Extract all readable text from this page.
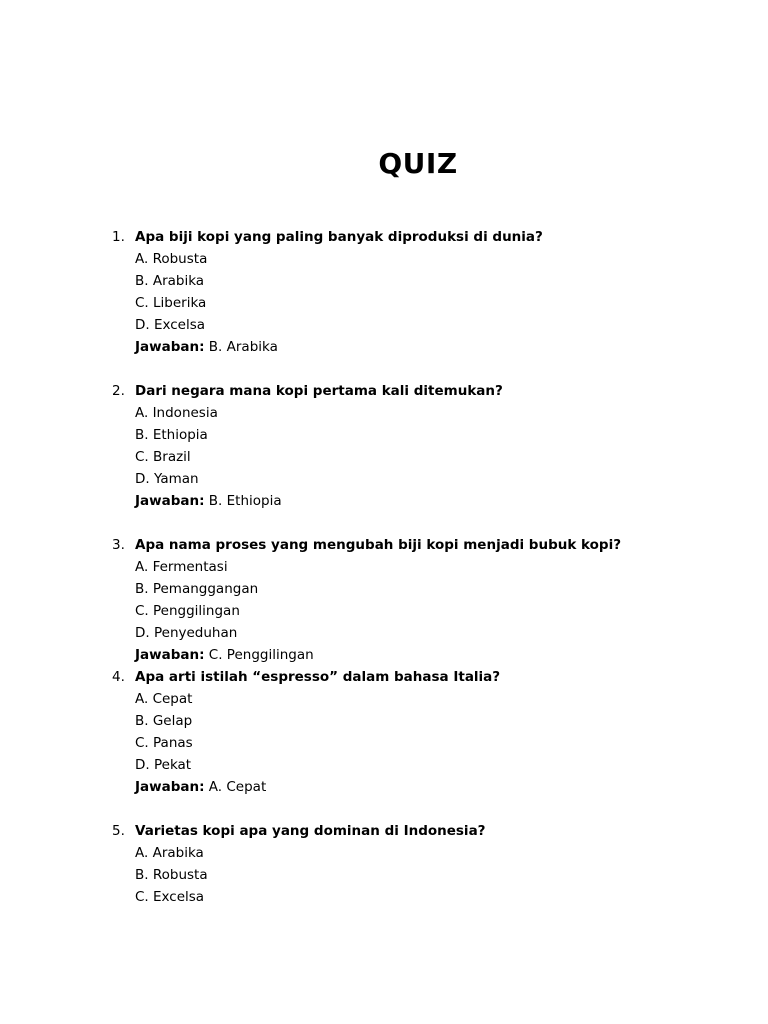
QUIZ
1. Apa biji kopi yang paling banyak diproduksi di dunia?
A. Robusta
B. Arabika
C. Liberika
D. Excelsa
Jawaban: B. Arabika
2. Dari negara mana kopi pertama kali ditemukan?
A. Indonesia
B. Ethiopia
C. Brazil
D. Yaman
Jawaban: B. Ethiopia
3. Apa nama proses yang mengubah biji kopi menjadi bubuk kopi?
A. Fermentasi
B. Pemanggangan
C. Penggilingan
D. Penyeduhan
Jawaban: C. Penggilingan
4. Apa arti istilah “espresso” dalam bahasa Italia?
A. Cepat
B. Gelap
C. Panas
D. Pekat
Jawaban: A. Cepat
5. Varietas kopi apa yang dominan di Indonesia?
A. Arabika
B. Robusta
C. Excelsa
